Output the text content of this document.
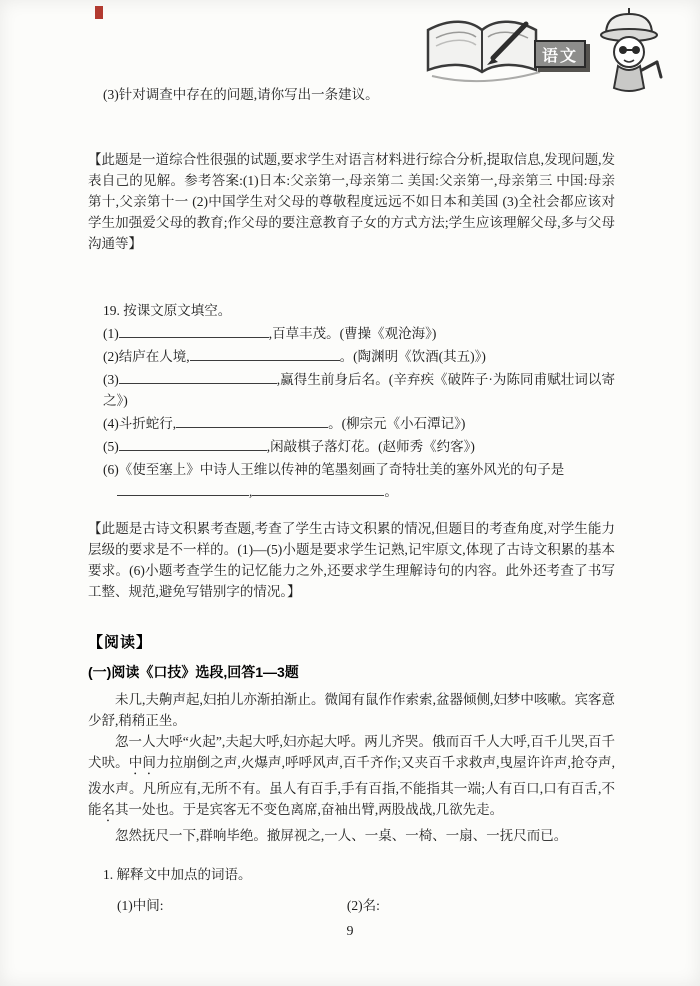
语文

(3)针对调查中存在的问题,请你写出一条建议。

【此题是一道综合性很强的试题,要求学生对语言材料进行综合分析,提取信息,发现问题,发表自己的见解。参考答案:(1)日本:父亲第一,母亲第二 美国:父亲第一,母亲第三 中国:母亲第十,父亲第十一 (2)中国学生对父母的尊敬程度远远不如日本和美国 (3)全社会都应该对学生加强爱父母的教育;作父母的要注意教育子女的方式方法;学生应该理解父母,多与父母沟通等】

19. 按课文原文填空。

(1)	,百草丰茂。(曹操《观沧海》)
(2)结庐在人境,	。(陶渊明《饮酒(其五)》)
(3)	,赢得生前身后名。(辛弃疾《破阵子·为陈同甫赋壮词以寄之》)
(4)斗折蛇行,	。(柳宗元《小石潭记》)
(5)	,闲敲棋子落灯花。(赵师秀《约客》)
(6)《使至塞上》中诗人王维以传神的笔墨刻画了奇特壮美的塞外风光的句子是
,	。

【此题是古诗文积累考查题,考查了学生古诗文积累的情况,但题目的考查角度,对学生能力层级的要求是不一样的。(1)—(5)小题是要求学生记熟,记牢原文,体现了古诗文积累的基本要求。(6)小题考查学生的记忆能力之外,还要求学生理解诗句的内容。此外还考查了书写工整、规范,避免写错别字的情况。】

【阅读】
(一)阅读《口技》选段,回答1—3题

未几,夫齁声起,妇拍儿亦渐拍渐止。微闻有鼠作作索索,盆器倾侧,妇梦中咳嗽。宾客意少舒,稍稍正坐。

忽一人大呼“火起”,夫起大呼,妇亦起大呼。两儿齐哭。俄而百千人大呼,百千儿哭,百千犬吠。中间力拉崩倒之声,火爆声,呼呼风声,百千齐作;又夹百千求救声,曳屋许许声,抢夺声,泼水声。凡所应有,无所不有。虽人有百手,手有百指,不能指其一端;人有百口,口有百舌,不能名其一处也。于是宾客无不变色离席,奋袖出臂,两股战战,几欲先走。

忽然抚尺一下,群响毕绝。撤屏视之,一人、一桌、一椅、一扇、一抚尺而已。

1. 解释文中加点的词语。

(1)中间:	(2)名:
9
